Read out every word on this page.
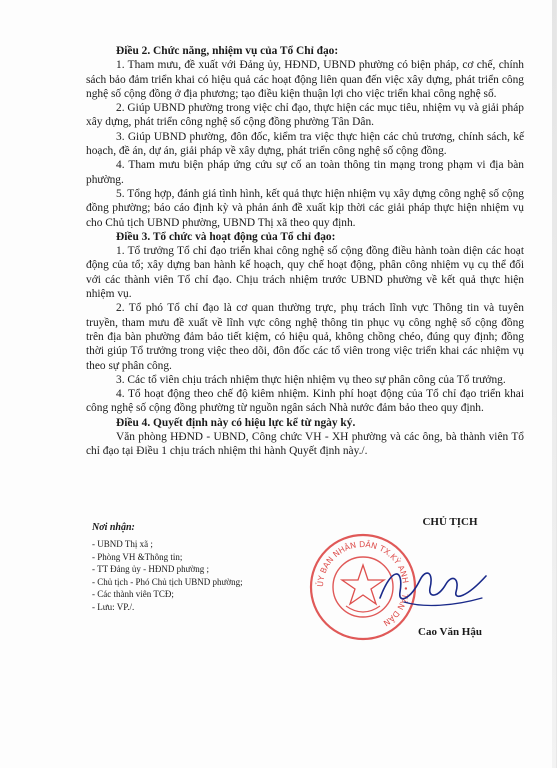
Điều 2. Chức năng, nhiệm vụ của Tổ Chỉ đạo:

1. Tham mưu, đề xuất với Đảng ủy, HĐND, UBND phường có biện pháp, cơ chế, chính sách bảo đảm triển khai có hiệu quả các hoạt động liên quan đến việc xây dựng, phát triển công nghệ số cộng đồng ở địa phương; tạo điều kiện thuận lợi cho việc triển khai công nghệ số.

2. Giúp UBND phường trong việc chỉ đạo, thực hiện các mục tiêu, nhiệm vụ và giải pháp xây dựng, phát triển công nghệ số cộng đồng phường Tân Dân.

3. Giúp UBND phường, đôn đốc, kiểm tra việc thực hiện các chủ trương, chính sách, kế hoạch, đề án, dự án, giải pháp về xây dựng, phát triển công nghệ số cộng đồng.

4. Tham mưu biện pháp ứng cứu sự cố an toàn thông tin mạng trong phạm vi địa bàn phường.

5. Tổng hợp, đánh giá tình hình, kết quả thực hiện nhiệm vụ xây dựng công nghệ số cộng đồng phường; báo cáo định kỳ và phản ánh đề xuất kịp thời các giải pháp thực hiện nhiệm vụ cho Chủ tịch UBND phường, UBND Thị xã theo quy định.

Điều 3. Tổ chức và hoạt động của Tổ chỉ đạo:

1. Tổ trưởng Tổ chỉ đạo triển khai công nghệ số cộng đồng điều hành toàn diện các hoạt động của tổ; xây dựng ban hành kế hoạch, quy chế hoạt động, phân công nhiệm vụ cụ thể đối với các thành viên Tổ chỉ đạo. Chịu trách nhiệm trước UBND phường về kết quả thực hiện nhiệm vụ.

2. Tổ phó Tổ chỉ đạo là cơ quan thường trực, phụ trách lĩnh vực Thông tin và tuyên truyền, tham mưu đề xuất về lĩnh vực công nghệ thông tin phục vụ công nghệ số cộng đồng trên địa bàn phường đảm bảo tiết kiệm, có hiệu quả, không chồng chéo, đúng quy định; đồng thời giúp Tổ trưởng trong việc theo dõi, đôn đốc các tổ viên trong việc triển khai các nhiệm vụ theo sự phân công.

3. Các tổ viên chịu trách nhiệm thực hiện nhiệm vụ theo sự phân công của Tổ trưởng.

4. Tổ hoạt động theo chế độ kiêm nhiệm. Kinh phí hoạt động của Tổ chỉ đạo triển khai công nghệ số cộng đồng phường từ nguồn ngân sách Nhà nước đảm bảo theo quy định.

Điều 4. Quyết định này có hiệu lực kể từ ngày ký.

Văn phòng HĐND - UBND, Công chức VH - XH phường và các ông, bà thành viên Tổ chỉ đạo tại Điều 1 chịu trách nhiệm thi hành Quyết định này./.

Nơi nhận:
- UBND Thị xã ;
- Phòng VH &Thông tin;
- TT Đảng ủy - HĐND phường ;
- Chủ tịch - Phó Chủ tịch UBND phường;
- Các thành viên TCĐ;
- Lưu: VP./.
CHỦ TỊCH
ỦY BAN NHÂN DÂN TX.KỲ ANH • TÂN DÂN
Cao Văn Hậu
